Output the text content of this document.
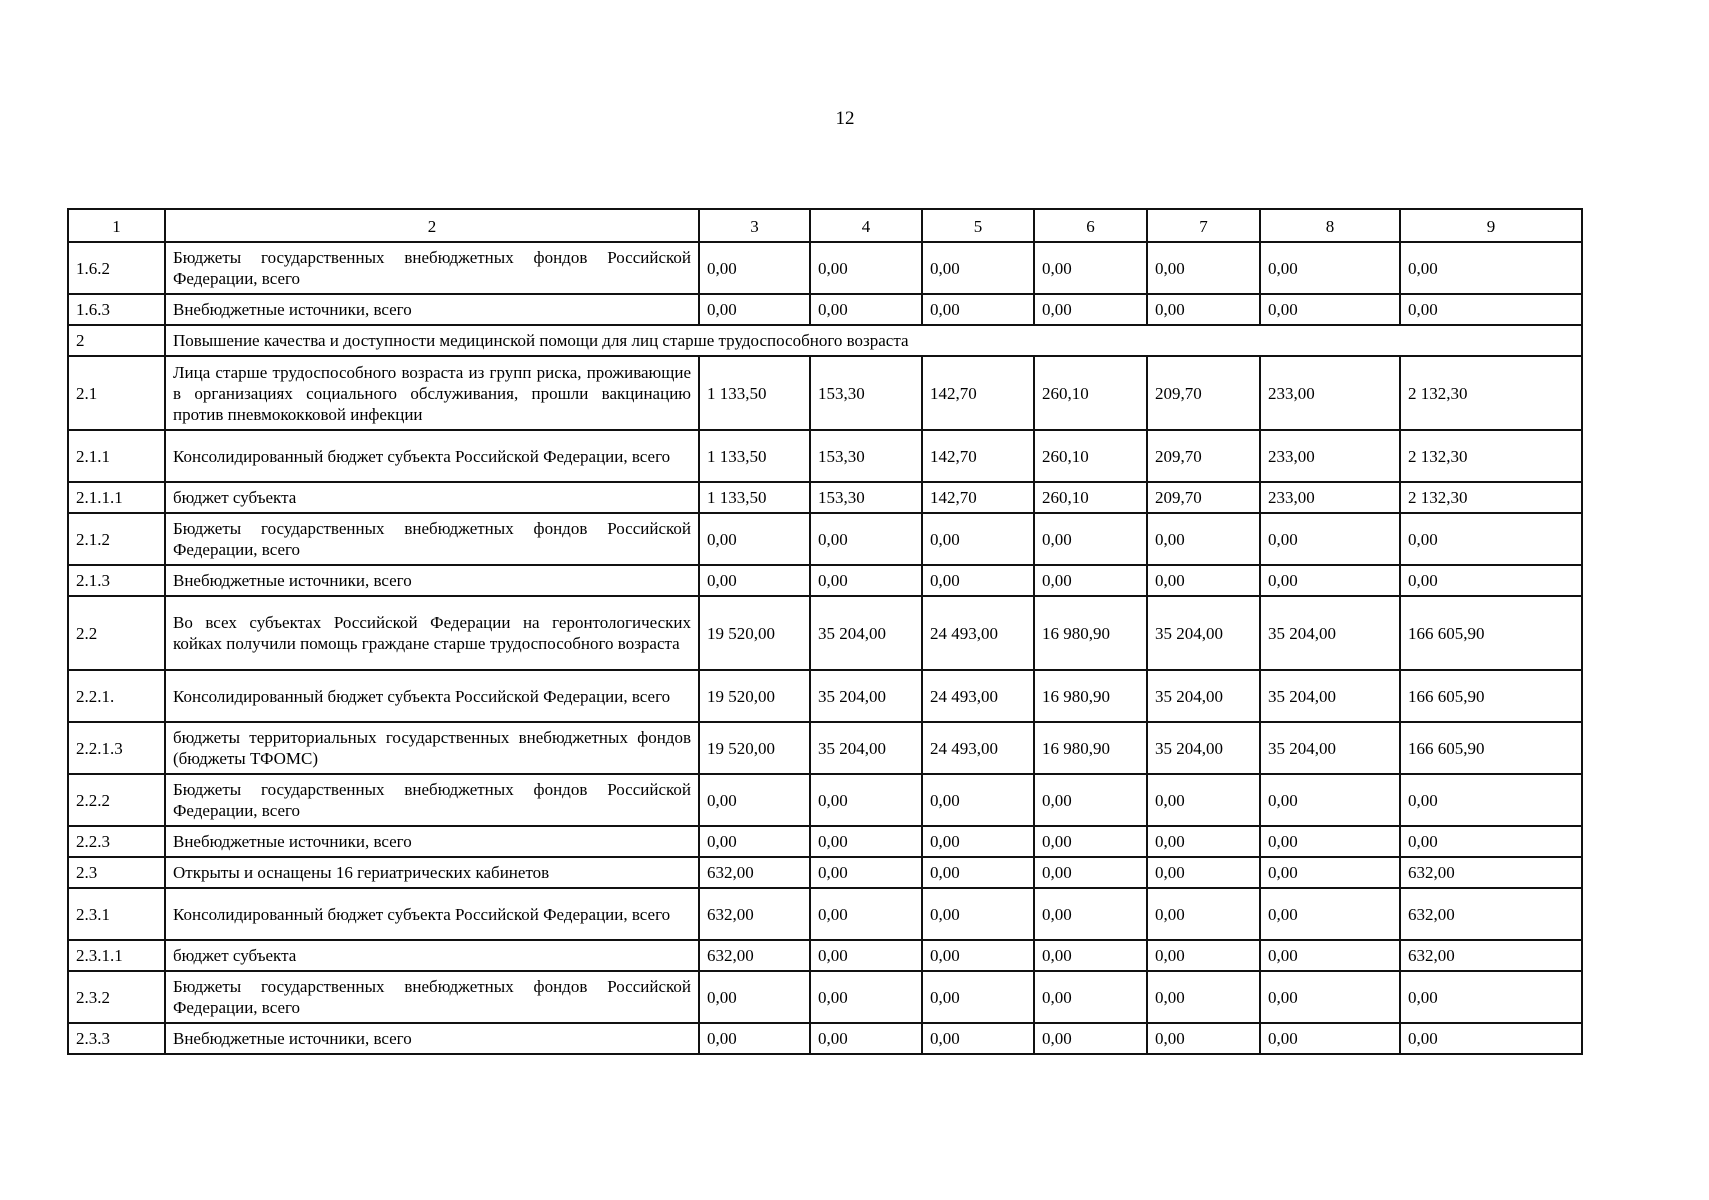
12
1	2	3	4	5	6	7	8	9
1.6.2	Бюджеты государственных внебюджетных фондов Российской Федерации, всего	0,00	0,00	0,00	0,00	0,00	0,00	0,00
1.6.3	Внебюджетные источники, всего	0,00	0,00	0,00	0,00	0,00	0,00	0,00
2	Повышение качества и доступности медицинской помощи для лиц старше трудоспособного возраста							
2.1	Лица старше трудоспособного возраста из групп риска, проживающие в организациях социального обслуживания, прошли вакцинацию против пневмококковой инфекции	1 133,50	153,30	142,70	260,10	209,70	233,00	2 132,30
2.1.1	Консолидированный бюджет субъекта Российской Федерации, всего	1 133,50	153,30	142,70	260,10	209,70	233,00	2 132,30
2.1.1.1	бюджет субъекта	1 133,50	153,30	142,70	260,10	209,70	233,00	2 132,30
2.1.2	Бюджеты государственных внебюджетных фондов Российской Федерации, всего	0,00	0,00	0,00	0,00	0,00	0,00	0,00
2.1.3	Внебюджетные источники, всего	0,00	0,00	0,00	0,00	0,00	0,00	0,00
2.2	Во всех субъектах Российской Федерации на геронтологических койках получили помощь граждане старше трудоспособного возраста	19 520,00	35 204,00	24 493,00	16 980,90	35 204,00	35 204,00	166 605,90
2.2.1.	Консолидированный бюджет субъекта Российской Федерации, всего	19 520,00	35 204,00	24 493,00	16 980,90	35 204,00	35 204,00	166 605,90
2.2.1.3	бюджеты территориальных государственных внебюджетных фондов (бюджеты ТФОМС)	19 520,00	35 204,00	24 493,00	16 980,90	35 204,00	35 204,00	166 605,90
2.2.2	Бюджеты государственных внебюджетных фондов Российской Федерации, всего	0,00	0,00	0,00	0,00	0,00	0,00	0,00
2.2.3	Внебюджетные источники, всего	0,00	0,00	0,00	0,00	0,00	0,00	0,00
2.3	Открыты и оснащены 16 гериатрических кабинетов	632,00	0,00	0,00	0,00	0,00	0,00	632,00
2.3.1	Консолидированный бюджет субъекта Российской Федерации, всего	632,00	0,00	0,00	0,00	0,00	0,00	632,00
2.3.1.1	бюджет субъекта	632,00	0,00	0,00	0,00	0,00	0,00	632,00
2.3.2	Бюджеты государственных внебюджетных фондов Российской Федерации, всего	0,00	0,00	0,00	0,00	0,00	0,00	0,00
2.3.3	Внебюджетные источники, всего	0,00	0,00	0,00	0,00	0,00	0,00	0,00
